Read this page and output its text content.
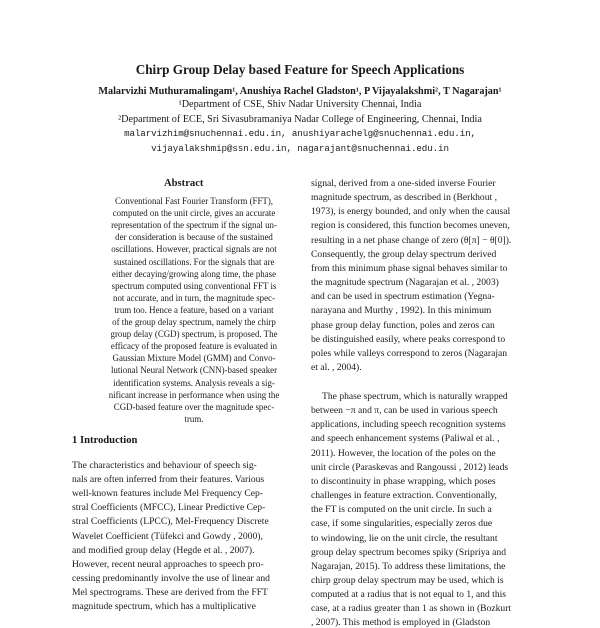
Chirp Group Delay based Feature for Speech Applications
Malarvizhi Muthuramalingam¹, Anushiya Rachel Gladston¹, P Vijayalakshmi², T Nagarajan¹
¹Department of CSE, Shiv Nadar University Chennai, India
²Department of ECE, Sri Sivasubramaniya Nadar College of Engineering, Chennai, India
malarvizhim@snuchennai.edu.in, anushiyarachelg@snuchennai.edu.in,
vijayalakshmip@ssn.edu.in, nagarajant@snuchennai.edu.in
Abstract
Conventional Fast Fourier Transform (FFT),
computed on the unit circle, gives an accurate
representation of the spectrum if the signal un-
der consideration is because of the sustained
oscillations. However, practical signals are not
sustained oscillations. For the signals that are
either decaying/growing along time, the phase
spectrum computed using conventional FFT is
not accurate, and in turn, the magnitude spec-
trum too. Hence a feature, based on a variant
of the group delay spectrum, namely the chirp
group delay (CGD) spectrum, is proposed. The
efficacy of the proposed feature is evaluated in
Gaussian Mixture Model (GMM) and Convo-
lutional Neural Network (CNN)-based speaker
identification systems. Analysis reveals a sig-
nificant increase in performance when using the
CGD-based feature over the magnitude spec-
trum.
1 Introduction
The characteristics and behaviour of speech sig-
nals are often inferred from their features. Various
well-known features include Mel Frequency Cep-
stral Coefficients (MFCC), Linear Predictive Cep-
stral Coefficients (LPCC), Mel-Frequency Discrete
Wavelet Coefficient (Tüfekci and Gowdy , 2000),
and modified group delay (Hegde et al. , 2007).
However, recent neural approaches to speech pro-
cessing predominantly involve the use of linear and
Mel spectrograms. These are derived from the FFT
magnitude spectrum, which has a multiplicative
signal, derived from a one-sided inverse Fourier
magnitude spectrum, as described in (Berkhout ,
1973), is energy bounded, and only when the causal
region is considered, this function becomes uneven,
resulting in a net phase change of zero (θ[π] − θ[0]).
Consequently, the group delay spectrum derived
from this minimum phase signal behaves similar to
the magnitude spectrum (Nagarajan et al. , 2003)
and can be used in spectrum estimation (Yegna-
narayana and Murthy , 1992). In this minimum
phase group delay function, poles and zeros can
be distinguished easily, where peaks correspond to
poles while valleys correspond to zeros (Nagarajan
et al. , 2004).
The phase spectrum, which is naturally wrapped
between −π and π, can be used in various speech
applications, including speech recognition systems
and speech enhancement systems (Paliwal et al. ,
2011). However, the location of the poles on the
unit circle (Paraskevas and Rangoussi , 2012) leads
to discontinuity in phase wrapping, which poses
challenges in feature extraction. Conventionally,
the FT is computed on the unit circle. In such a
case, if some singularities, especially zeros due
to windowing, lie on the unit circle, the resultant
group delay spectrum becomes spiky (Sripriya and
Nagarajan, 2015). To address these limitations, the
chirp group delay spectrum may be used, which is
computed at a radius that is not equal to 1, and this
case, at a radius greater than 1 as shown in (Bozkurt
, 2007). This method is employed in (Gladston
